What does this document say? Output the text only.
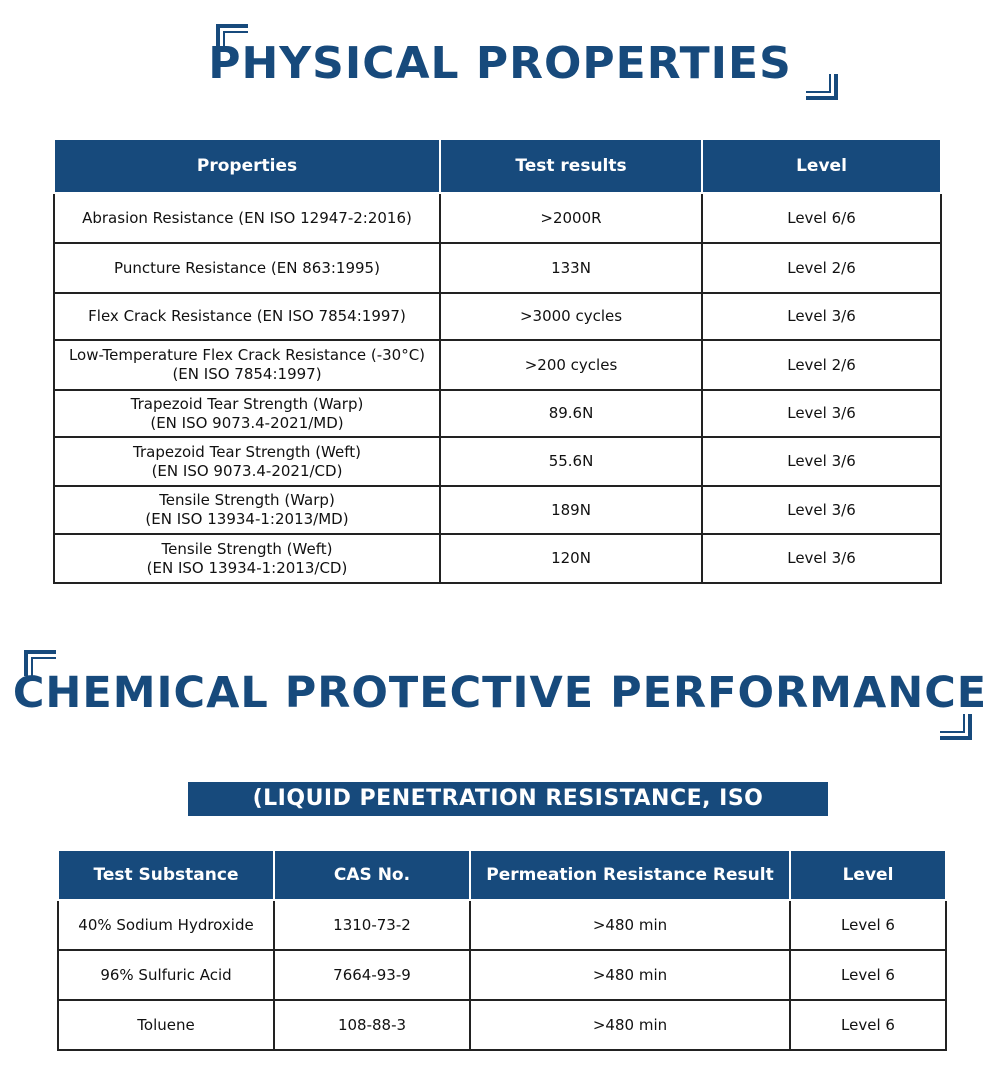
PHYSICAL PROPERTIES
Properties	Test results	Level

Abrasion Resistance (EN ISO 12947-2:2016)	>2000R	Level 6/6

Puncture Resistance (EN 863:1995)	133N	Level 2/6

Flex Crack Resistance (EN ISO 7854:1997)	>3000 cycles	Level 3/6

Low-Temperature Flex Crack Resistance (-30°C)
(EN ISO 7854:1997)	>200 cycles	Level 2/6

Trapezoid Tear Strength (Warp)
(EN ISO 9073.4-2021/MD)	89.6N	Level 3/6

Trapezoid Tear Strength (Weft)
(EN ISO 9073.4-2021/CD)	55.6N	Level 3/6

Tensile Strength (Warp)
(EN ISO 13934-1:2013/MD)	189N	Level 3/6

Tensile Strength (Weft)
(EN ISO 13934-1:2013/CD)	120N	Level 3/6
CHEMICAL PROTECTIVE PERFORMANCE
(LIQUID PENETRATION RESISTANCE, ISO 6529:2013)
Test Substance	CAS No.	Permeation Resistance Result	Level
40% Sodium Hydroxide	1310-73-2	>480 min	Level 6
96% Sulfuric Acid	7664-93-9	>480 min	Level 6
Toluene	108-88-3	>480 min	Level 6
